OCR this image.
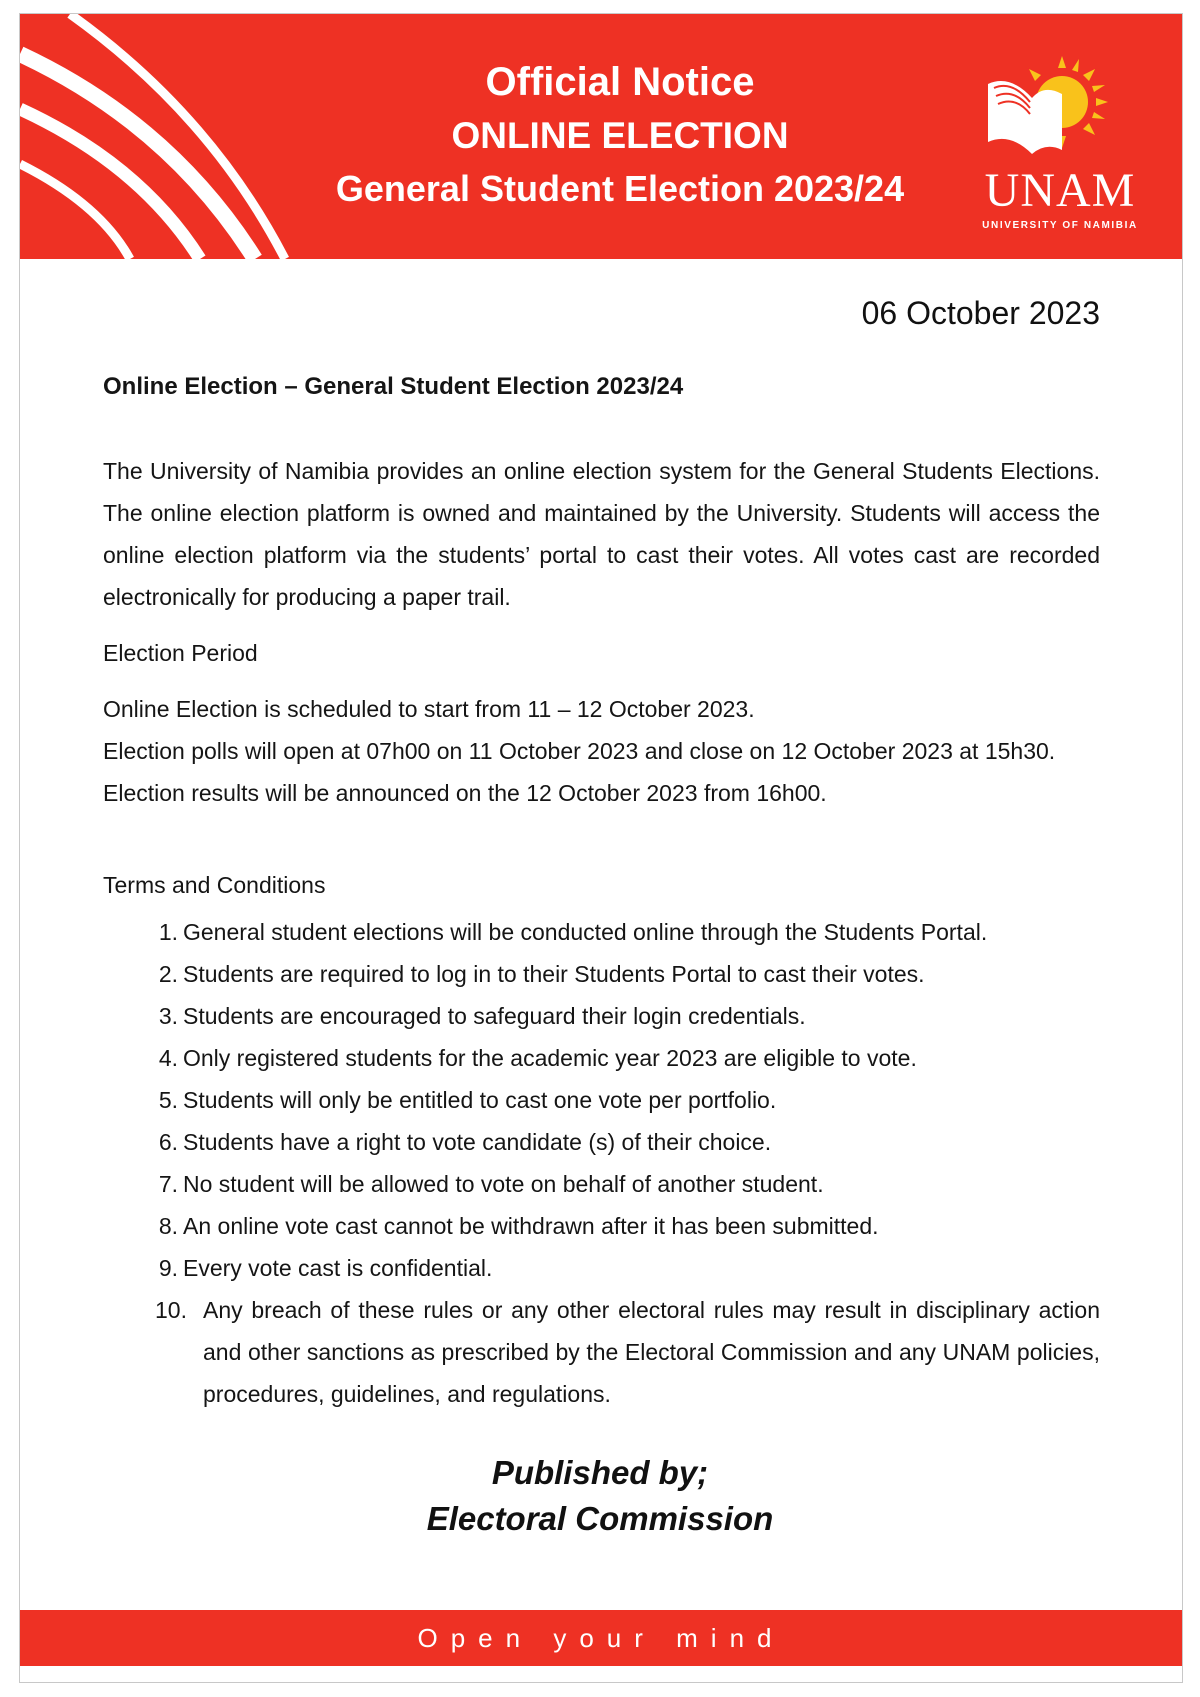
Official Notice
ONLINE ELECTION
General Student Election 2023/24	UNAM
UNIVERSITY OF NAMIBIA
06 October 2023
Online Election – General Student Election 2023/24
The University of Namibia provides an online election system for the General Students Elections. The online election platform is owned and maintained by the University. Students will access the online election platform via the students’ portal to cast their votes. All votes cast are recorded electronically for producing a paper trail.
Election Period
Online Election is scheduled to start from 11 – 12 October 2023.
Election polls will open at 07h00 on 11 October 2023 and close on 12 October 2023 at 15h30.
Election results will be announced on the 12 October 2023 from 16h00.
Terms and Conditions
1. General student elections will be conducted online through the Students Portal.
2. Students are required to log in to their Students Portal to cast their votes.
3. Students are encouraged to safeguard their login credentials.
4. Only registered students for the academic year 2023 are eligible to vote.
5. Students will only be entitled to cast one vote per portfolio.
6. Students have a right to vote candidate (s) of their choice.
7. No student will be allowed to vote on behalf of another student.
8. An online vote cast cannot be withdrawn after it has been submitted.
9. Every vote cast is confidential.
10. Any breach of these rules or any other electoral rules may result in disciplinary action and other sanctions as prescribed by the Electoral Commission and any UNAM policies, procedures, guidelines, and regulations.
Published by;
Electoral Commission
Open your mind
